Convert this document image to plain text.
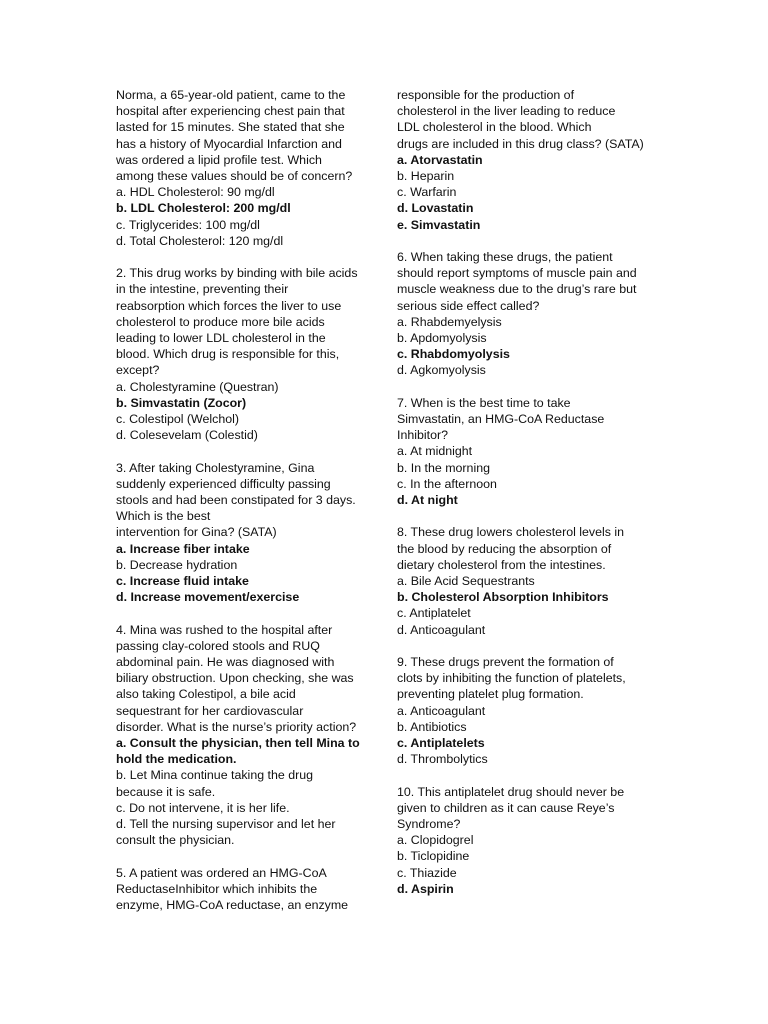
Norma, a 65-year-old patient, came to the
hospital after experiencing chest pain that
lasted for 15 minutes. She stated that she
has a history of Myocardial Infarction and
was ordered a lipid profile test. Which
among these values should be of concern?
a. HDL Cholesterol: 90 mg/dl
b. LDL Cholesterol: 200 mg/dl
c. Triglycerides: 100 mg/dl
d. Total Cholesterol: 120 mg/dl
2. This drug works by binding with bile acids
in the intestine, preventing their
reabsorption which forces the liver to use
cholesterol to produce more bile acids
leading to lower LDL cholesterol in the
blood. Which drug is responsible for this,
except?
a. Cholestyramine (Questran)
b. Simvastatin (Zocor)
c. Colestipol (Welchol)
d. Colesevelam (Colestid)
3. After taking Cholestyramine, Gina
suddenly experienced difficulty passing
stools and had been constipated for 3 days.
Which is the best
intervention for Gina? (SATA)
a. Increase fiber intake
b. Decrease hydration
c. Increase fluid intake
d. Increase movement/exercise
4. Mina was rushed to the hospital after
passing clay-colored stools and RUQ
abdominal pain. He was diagnosed with
biliary obstruction. Upon checking, she was
also taking Colestipol, a bile acid
sequestrant for her cardiovascular
disorder. What is the nurse’s priority action?
a. Consult the physician, then tell Mina to
hold the medication.
b. Let Mina continue taking the drug
because it is safe.
c. Do not intervene, it is her life.
d. Tell the nursing supervisor and let her
consult the physician.
5. A patient was ordered an HMG-CoA
ReductaseInhibitor which inhibits the
enzyme, HMG-CoA reductase, an enzyme
responsible for the production of
cholesterol in the liver leading to reduce
LDL cholesterol in the blood. Which
drugs are included in this drug class? (SATA)
a. Atorvastatin
b. Heparin
c. Warfarin
d. Lovastatin
e. Simvastatin
6. When taking these drugs, the patient
should report symptoms of muscle pain and
muscle weakness due to the drug’s rare but
serious side effect called?
a. Rhabdemyelysis
b. Apdomyolysis
c. Rhabdomyolysis
d. Agkomyolysis
7. When is the best time to take
Simvastatin, an HMG-CoA Reductase
Inhibitor?
a. At midnight
b. In the morning
c. In the afternoon
d. At night
8. These drug lowers cholesterol levels in
the blood by reducing the absorption of
dietary cholesterol from the intestines.
a. Bile Acid Sequestrants
b. Cholesterol Absorption Inhibitors
c. Antiplatelet
d. Anticoagulant
9. These drugs prevent the formation of
clots by inhibiting the function of platelets,
preventing platelet plug formation.
a. Anticoagulant
b. Antibiotics
c. Antiplatelets
d. Thrombolytics
10. This antiplatelet drug should never be
given to children as it can cause Reye’s
Syndrome?
a. Clopidogrel
b. Ticlopidine
c. Thiazide
d. Aspirin
